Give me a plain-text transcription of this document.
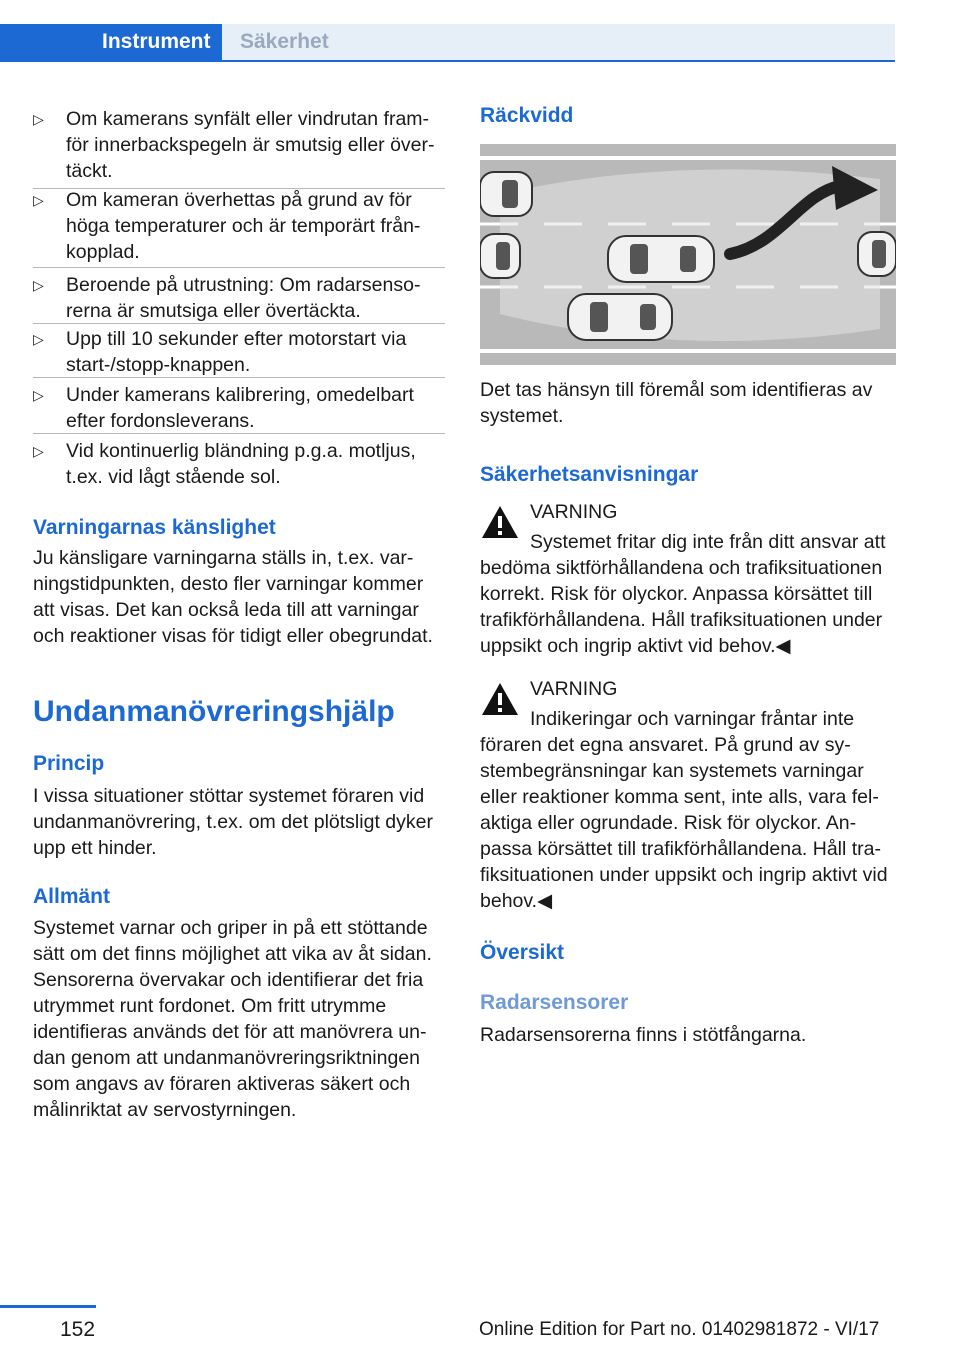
Instrument	Säkerhet
▷ Om kamerans synfält eller vindrutan fram-för innerbackspegeln är smutsig eller över-täckt.
▷ Om kameran överhettas på grund av för höga temperaturer och är temporärt från-kopplad.
▷ Beroende på utrustning: Om radarsenso-rerna är smutsiga eller övertäckta.
▷ Upp till 10 sekunder efter motorstart via start-/stopp-knappen.
▷ Under kamerans kalibrering, omedelbart efter fordonsleverans.
▷ Vid kontinuerlig bländning p.g.a. motljus, t.ex. vid lågt stående sol.
Varningarnas känslighet

Ju känsligare varningarna ställs in, t.ex. var-ningstidpunkten, desto fler varningar kommer att visas. Det kan också leda till att varningar och reaktioner visas för tidigt eller obegrundat.

Undanmanövreringshjälp
Princip

I vissa situationer stöttar systemet föraren vid undanmanövrering, t.ex. om det plötsligt dyker upp ett hinder.

Allmänt

Systemet varnar och griper in på ett stöttande sätt om det finns möjlighet att vika av åt sidan. Sensorerna övervakar och identifierar det fria utrymmet runt fordonet. Om fritt utrymme identifieras används det för att manövrera un-dan genom att undanmanövreringsriktningen som angavs av föraren aktiveras säkert och målinriktat av servostyrningen.

Räckvidd

Det tas hänsyn till föremål som identifieras av systemet.

Säkerhetsanvisningar

VARNING

Systemet fritar dig inte från ditt ansvar att bedöma siktförhållandena och trafiksituationen korrekt. Risk för olyckor. Anpassa körsättet till trafikförhållandena. Håll trafiksituationen under uppsikt och ingrip aktivt vid behov.◀

VARNING

Indikeringar och varningar fråntar inte föraren det egna ansvaret. På grund av sy-stembegränsningar kan systemets varningar eller reaktioner komma sent, inte alls, vara fel-aktiga eller ogrundade. Risk för olyckor. An-passa körsättet till trafikförhållandena. Håll tra-fiksituationen under uppsikt och ingrip aktivt vid behov.◀
Översikt
Radarsensorer

Radarsensorerna finns i stötfångarna.

152	Online Edition for Part no. 01402981872 - VI/17
